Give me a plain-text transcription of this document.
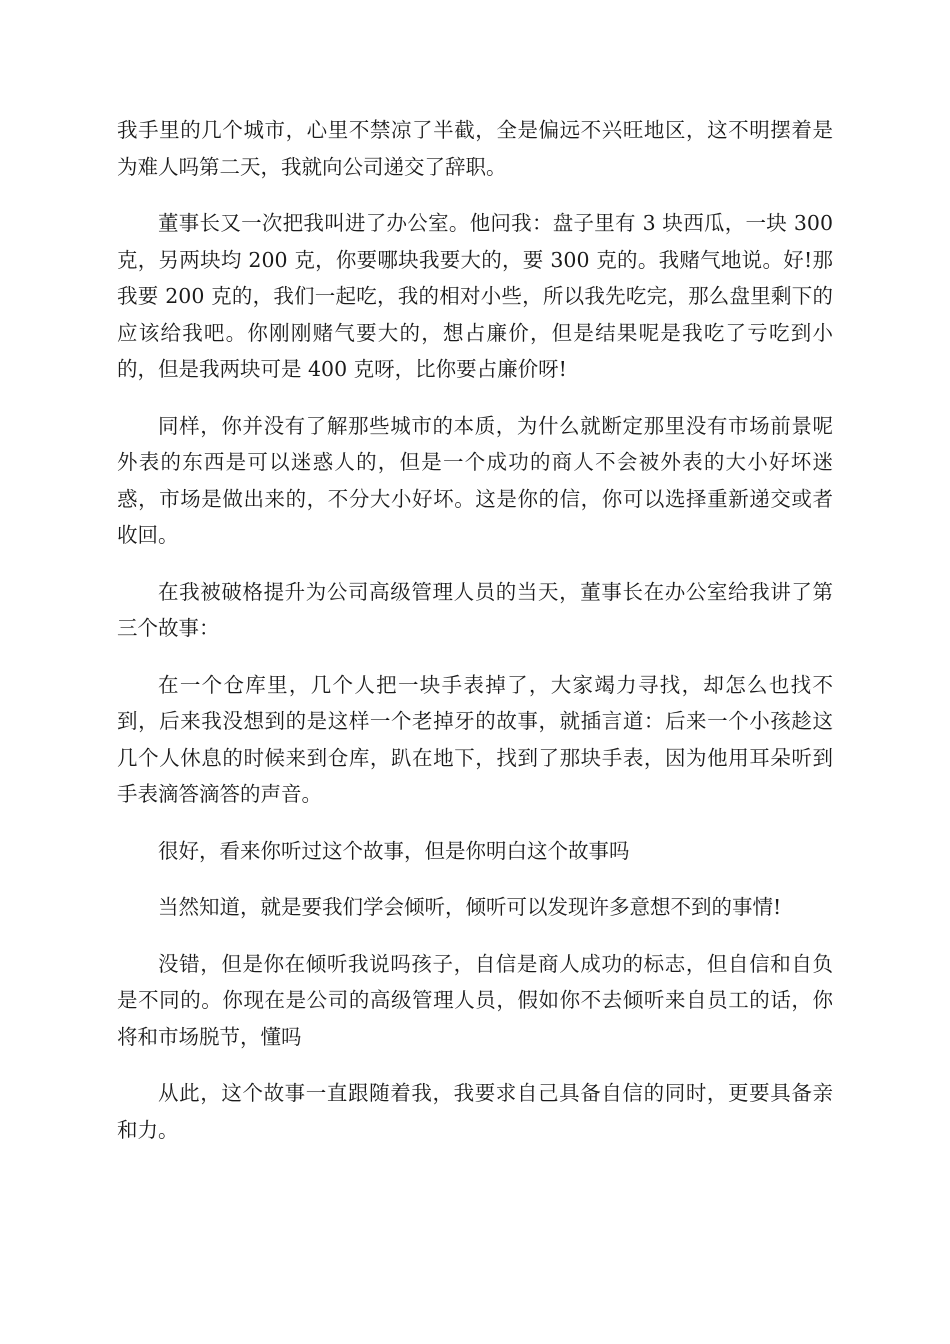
我手里的几个城市，心里不禁凉了半截，全是偏远不兴旺地区，这不明摆着是为难人吗第二天，我就向公司递交了辞职。

董事长又一次把我叫进了办公室。他问我：盘子里有 3 块西瓜，一块 300 克，另两块均 200 克，你要哪块我要大的，要 300 克的。我赌气地说。好!那我要 200 克的，我们一起吃，我的相对小些，所以我先吃完，那么盘里剩下的应该给我吧。你刚刚赌气要大的，想占廉价，但是结果呢是我吃了亏吃到小的，但是我两块可是 400 克呀，比你要占廉价呀!

同样，你并没有了解那些城市的本质，为什么就断定那里没有市场前景呢外表的东西是可以迷惑人的，但是一个成功的商人不会被外表的大小好坏迷惑，市场是做出来的，不分大小好坏。这是你的信，你可以选择重新递交或者收回。

在我被破格提升为公司高级管理人员的当天，董事长在办公室给我讲了第三个故事：

在一个仓库里，几个人把一块手表掉了，大家竭力寻找，却怎么也找不到，后来我没想到的是这样一个老掉牙的故事，就插言道：后来一个小孩趁这几个人休息的时候来到仓库，趴在地下，找到了那块手表，因为他用耳朵听到手表滴答滴答的声音。

很好，看来你听过这个故事，但是你明白这个故事吗

当然知道，就是要我们学会倾听，倾听可以发现许多意想不到的事情!

没错，但是你在倾听我说吗孩子，自信是商人成功的标志，但自信和自负是不同的。你现在是公司的高级管理人员，假如你不去倾听来自员工的话，你将和市场脱节，懂吗

从此，这个故事一直跟随着我，我要求自己具备自信的同时，更要具备亲和力。
